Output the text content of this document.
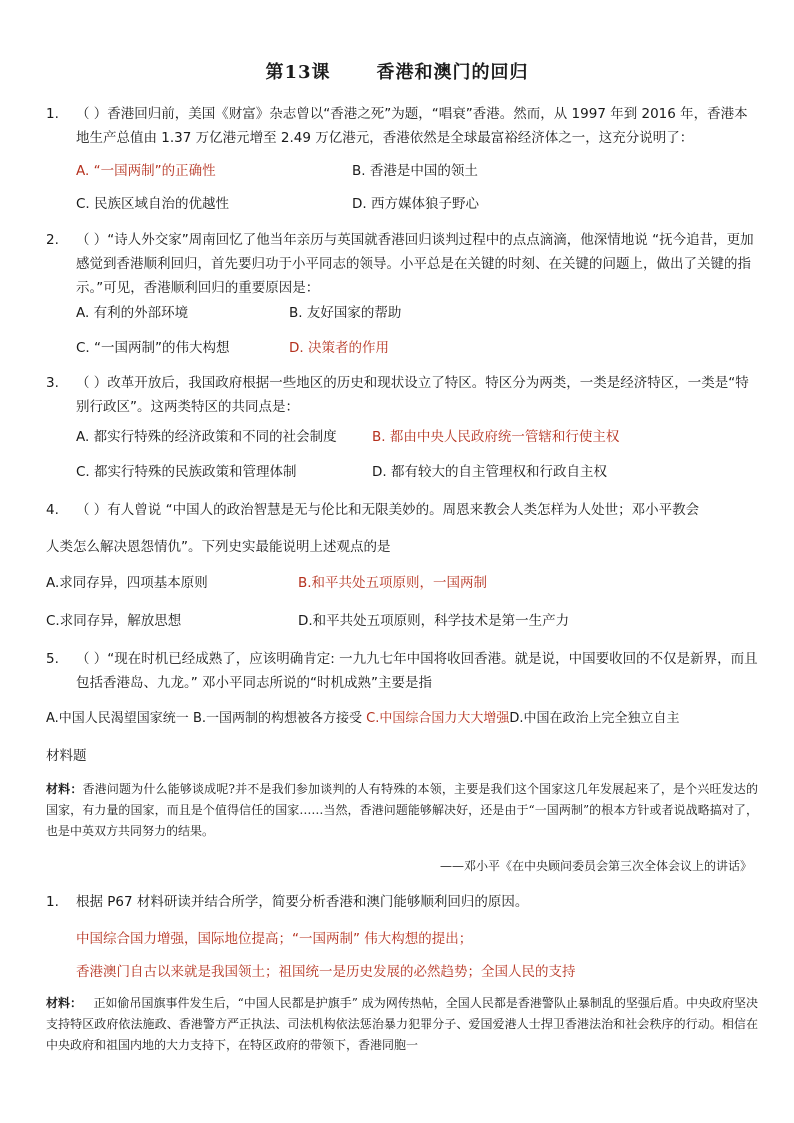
第13课	香港和澳门的回归
1. （ ）香港回归前，美国《财富》杂志曾以“香港之死”为题，“唱衰”香港。然而，从 1997 年到 2016 年，香港本地生产总值由 1.37 万亿港元增至 2.49 万亿港元，香港依然是全球最富裕经济体之一，这充分说明了：
A. “一国两制”的正确性	B. 香港是中国的领土
C. 民族区域自治的优越性	D. 西方媒体狼子野心
2. （ ）“诗人外交家”周南回忆了他当年亲历与英国就香港回归谈判过程中的点点滴滴，他深情地说 “抚今追昔，更加感觉到香港顺利回归，首先要归功于小平同志的领导。小平总是在关键的时刻、在关键的问题上，做出了关键的指示。”可见，香港顺利回归的重要原因是：
A. 有利的外部环境	B. 友好国家的帮助
C. “一国两制”的伟大构想	D. 决策者的作用
3. （ ）改革开放后，我国政府根据一些地区的历史和现状设立了特区。特区分为两类，一类是经济特区，一类是“特别行政区”。这两类特区的共同点是：
A. 都实行特殊的经济政策和不同的社会制度	B. 都由中央人民政府统一管辖和行使主权
C. 都实行特殊的民族政策和管理体制	D. 都有较大的自主管理权和行政自主权
4. （ ）有人曾说 “中国人的政治智慧是无与伦比和无限美妙的。周恩来教会人类怎样为人处世；邓小平教会
人类怎么解决恩怨情仇”。下列史实最能说明上述观点的是
A.求同存异，四项基本原则	B.和平共处五项原则，一国两制
C.求同存异，解放思想	D.和平共处五项原则，科学技术是第一生产力
5. （ ）“现在时机已经成熟了，应该明确肯定: 一九九七年中国将收回香港。就是说，中国要收回的不仅是新界，而且包括香港岛、九龙。” 邓小平同志所说的“时机成熟”主要是指
A.中国人民渴望国家统一 B.一国两制的构想被各方接受 C.中国综合国力大大增强D.中国在政治上完全独立自主
材料题
材料：香港问题为什么能够谈成呢?并不是我们参加谈判的人有特殊的本领，主要是我们这个国家这几年发展起来了，是个兴旺发达的国家，有力量的国家，而且是个值得信任的国家……当然，香港问题能够解决好，还是由于“一国两制”的根本方针或者说战略搞对了，也是中英双方共同努力的结果。
——邓小平《在中央顾问委员会第三次全体会议上的讲话》
1. 根据 P67 材料研读并结合所学，简要分析香港和澳门能够顺利回归的原因。
中国综合国力增强，国际地位提高；“一国两制” 伟大构想的提出；
香港澳门自古以来就是我国领土；祖国统一是历史发展的必然趋势；全国人民的支持
材料： 正如偷吊国旗事件发生后，“中国人民都是护旗手” 成为网传热帖，全国人民都是香港警队止暴制乱的坚强后盾。中央政府坚决支持特区政府依法施政、香港警方严正执法、司法机构依法惩治暴力犯罪分子、爱国爱港人士捍卫香港法治和社会秩序的行动。相信在中央政府和祖国内地的大力支持下，在特区政府的带领下，香港同胞一
